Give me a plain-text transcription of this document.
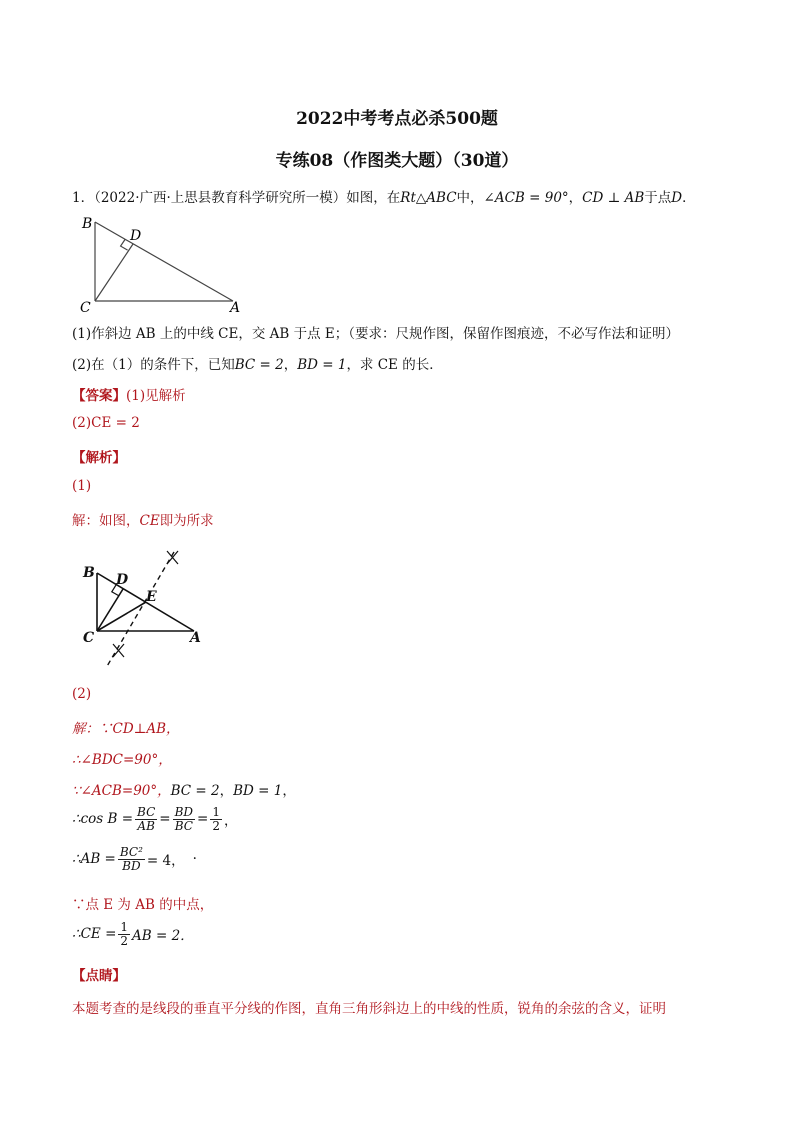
2022中考考点必杀500题
专练08（作图类大题）（30道）
1．（2022·广西·上思县教育科学研究所一模）如图，在Rt△ABC中，∠ACB = 90°，CD ⊥ AB于点D．
B
D
C	A
(1)作斜边 AB 上的中线 CE，交 AB 于点 E；（要求：尺规作图，保留作图痕迹，不必写作法和证明）
(2)在（1）的条件下，已知BC = 2，BD = 1，求 CE 的长．
【答案】(1)见解析
(2)CE = 2
【解析】
(1)
解：如图，CE即为所求
B D
E
C	A
(2)
解：∵CD⊥AB，
∴∠BDC=90°，
∵∠ACB=90°，BC = 2，BD = 1，
∴cos $B = \frac{BC}{AB} = \frac{BD}{BC} = \frac{1}{2}$ ，
∴AB = $\frac{\text{BC²}}{BD} = 4$， ·
∵点 E 为 AB 的中点，
∴CE = $\frac{1}{2}$ AB = 2．
【点睛】
本题考查的是线段的垂直平分线的作图，直角三角形斜边上的中线的性质，锐角的余弦的含义，证明
